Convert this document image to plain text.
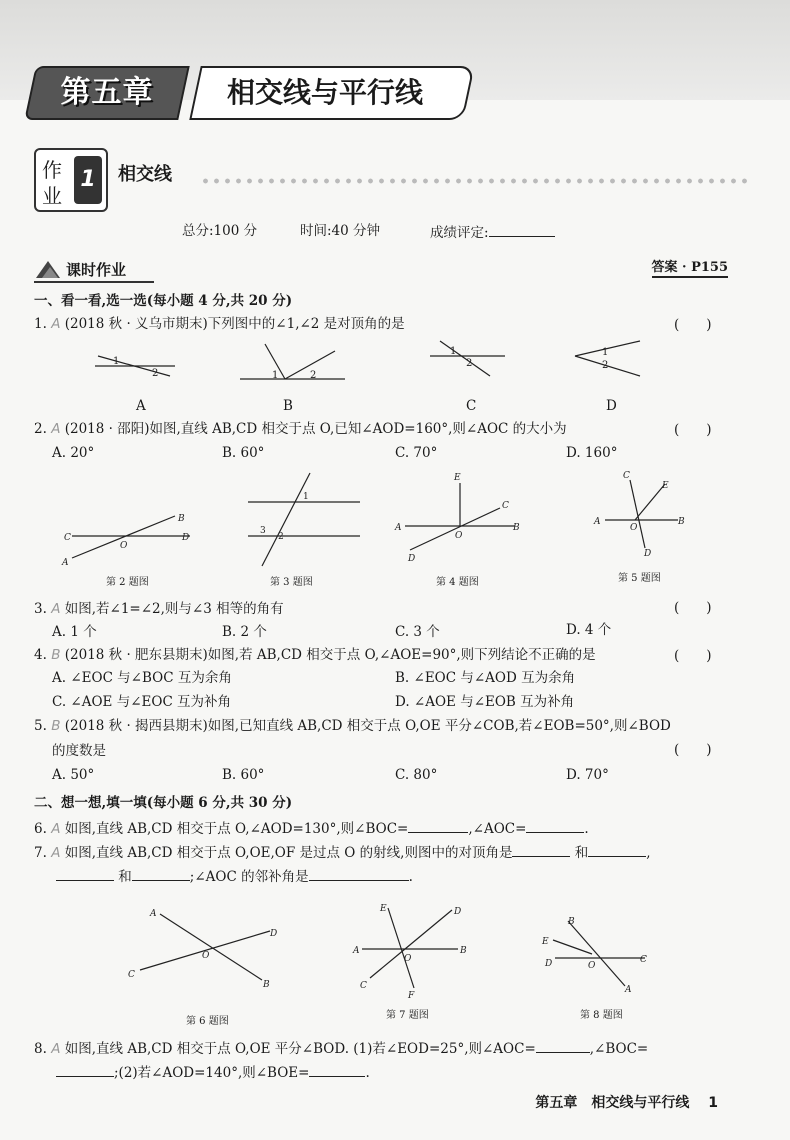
第五章	相交线与平行线
作
业
1	相交线
总分:100 分	时间:40 分钟	成绩评定:
课时作业	答案 · P155
一、看一看,选一选(每小题 4 分,共 20 分)
1. A (2018 秋 · 义乌市期末)下列图中的∠1,∠2 是对顶角的是	(　　)
1
2	1	2
1
2
1
2
A	B	C	D
2. A (2018 · 邵阳)如图,直线 AB,CD 相交于点 O,已知∠AOD=160°,则∠AOC 的大小为	(　　)
A. 20°	B. 60°	C. 70°	D. 160°
B
C
O
D
A
1
3
2
E
C
A
O
B
D
C
E
A
O
B
D
第 2 题图	第 3 题图	第 4 题图	第 5 题图
3. A 如图,若∠1=∠2,则与∠3 相等的角有	(　　)
A. 1 个	B. 2 个	C. 3 个	D. 4 个
4. B (2018 秋 · 肥东县期末)如图,若 AB,CD 相交于点 O,∠AOE=90°,则下列结论不正确的是	(　　)
A. ∠EOC 与∠BOC 互为余角	B. ∠EOC 与∠AOD 互为余角
C. ∠AOE 与∠EOC 互为补角	D. ∠AOE 与∠EOB 互为补角
5. B (2018 秋 · 揭西县期末)如图,已知直线 AB,CD 相交于点 O,OE 平分∠COB,若∠EOB=50°,则∠BOD
的度数是	(　　)
A. 50°	B. 60°	C. 80°	D. 70°
二、想一想,填一填(每小题 6 分,共 30 分)
6. A 如图,直线 AB,CD 相交于点 O,∠AOD=130°,则∠BOC=	,∠AOC=	.
7. A 如图,直线 AB,CD 相交于点 O,OE,OF 是过点 O 的射线,则图中的对顶角是	和	,
和	;∠AOC 的邻补角是	.
A
D
O
C
B
E	D
A
O
B
C
F
B
E
D	O
C
A
第 6 题图
第 7 题图	第 8 题图
8. A 如图,直线 AB,CD 相交于点 O,OE 平分∠BOD. (1)若∠EOD=25°,则∠AOC=	,∠BOC=
;(2)若∠AOD=140°,则∠BOE=	.
第五章　相交线与平行线 1
